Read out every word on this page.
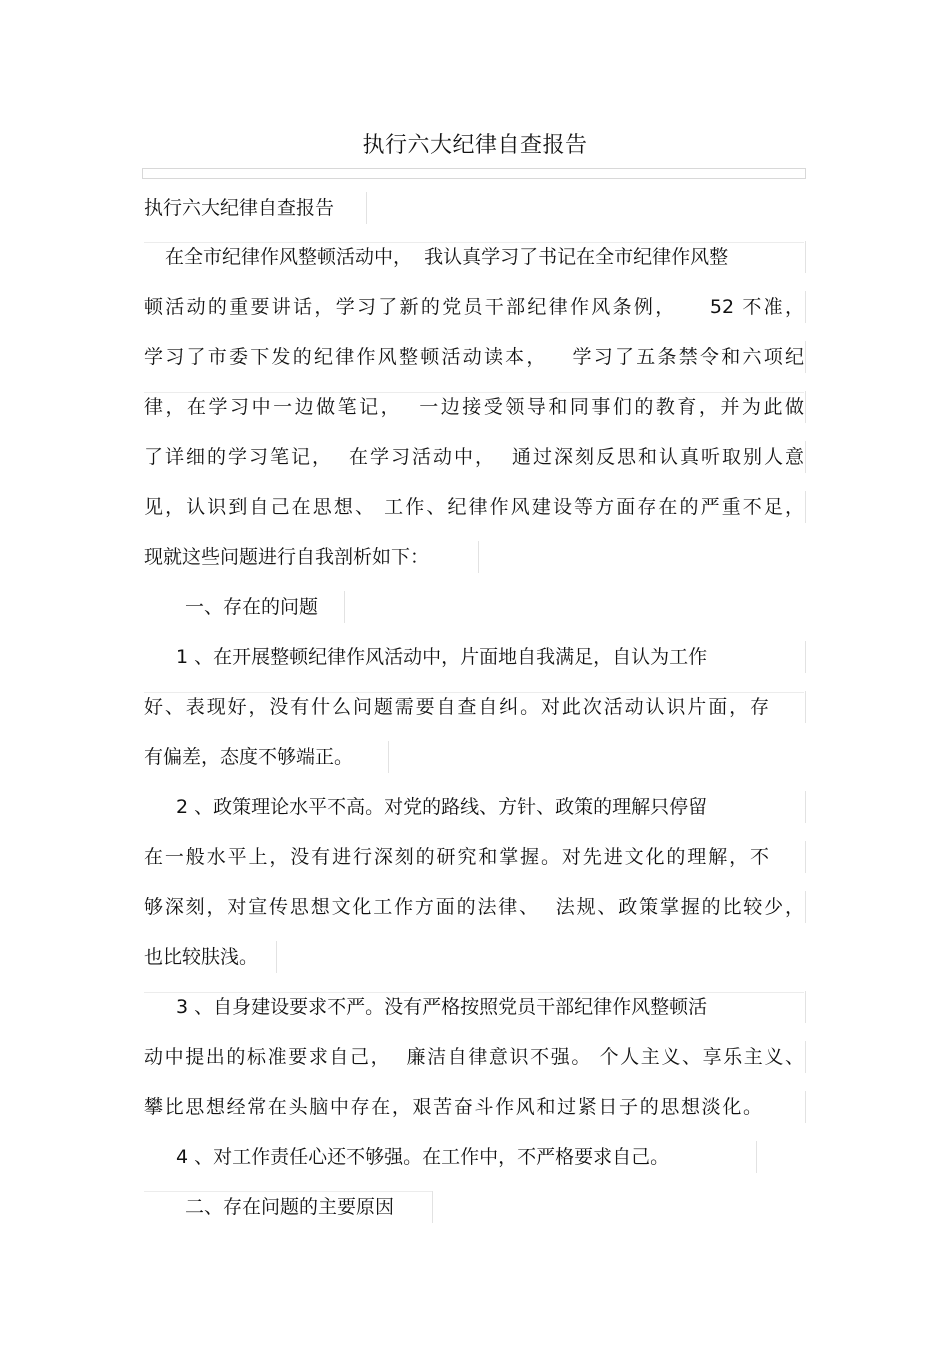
执行六大纪律自查报告
执行六大纪律自查报告
在全市纪律作风整顿活动中，  我认真学习了书记在全市纪律作风整
顿活动的重要讲话，学习了新的党员干部纪律作风条例，    52 不准，
学习了市委下发的纪律作风整顿活动读本，   学习了五条禁令和六项纪
律，在学习中一边做笔记，  一边接受领导和同事们的教育，并为此做
了详细的学习笔记，  在学习活动中，  通过深刻反思和认真听取别人意
见，认识到自己在思想、 工作、纪律作风建设等方面存在的严重不足，
现就这些问题进行自我剖析如下：
一、存在的问题
1 、在开展整顿纪律作风活动中，片面地自我满足，自认为工作
好、表现好，没有什么问题需要自查自纠。对此次活动认识片面，存
有偏差，态度不够端正。
2 、政策理论水平不高。对党的路线、方针、政策的理解只停留
在一般水平上，没有进行深刻的研究和掌握。对先进文化的理解，不
够深刻，对宣传思想文化工作方面的法律、  法规、政策掌握的比较少，
也比较肤浅。
3 、自身建设要求不严。没有严格按照党员干部纪律作风整顿活
动中提出的标准要求自己，  廉洁自律意识不强。 个人主义、享乐主义、
攀比思想经常在头脑中存在，艰苦奋斗作风和过紧日子的思想淡化。
4 、对工作责任心还不够强。在工作中，不严格要求自己。
二、存在问题的主要原因
